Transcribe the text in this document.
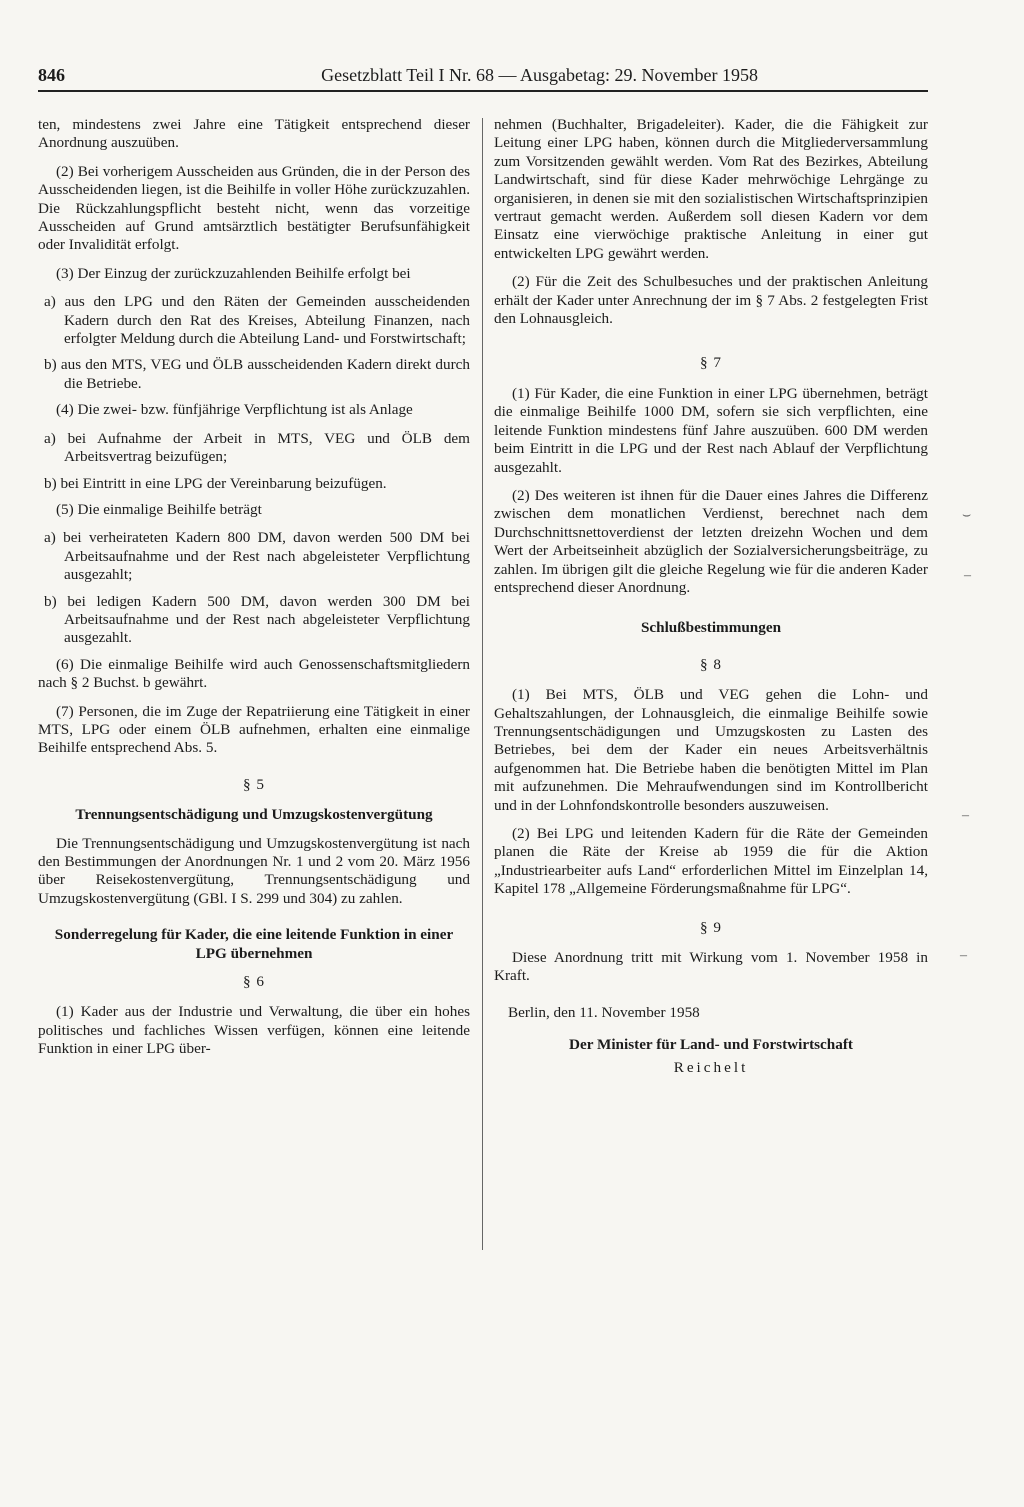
846	Gesetzblatt Teil I Nr. 68 — Ausgabetag: 29. November 1958

ten, mindestens zwei Jahre eine Tätigkeit entsprechend dieser Anordnung auszuüben.

(2) Bei vorherigem Ausscheiden aus Gründen, die in der Person des Ausscheidenden liegen, ist die Beihilfe in voller Höhe zurückzuzahlen. Die Rückzahlungspflicht besteht nicht, wenn das vorzeitige Ausscheiden auf Grund amtsärztlich bestätigter Berufsunfähigkeit oder Invalidität erfolgt.

(3) Der Einzug der zurückzuzahlenden Beihilfe erfolgt bei

a) aus den LPG und den Räten der Gemeinden ausscheidenden Kadern durch den Rat des Kreises, Abteilung Finanzen, nach erfolgter Meldung durch die Abteilung Land- und Forstwirtschaft;

b) aus den MTS, VEG und ÖLB ausscheidenden Kadern direkt durch die Betriebe.

(4) Die zwei- bzw. fünfjährige Verpflichtung ist als Anlage

a) bei Aufnahme der Arbeit in MTS, VEG und ÖLB dem Arbeitsvertrag beizufügen;

b) bei Eintritt in eine LPG der Vereinbarung beizufügen.

(5) Die einmalige Beihilfe beträgt

a) bei verheirateten Kadern 800 DM, davon werden 500 DM bei Arbeitsaufnahme und der Rest nach abgeleisteter Verpflichtung ausgezahlt;

b) bei ledigen Kadern 500 DM, davon werden 300 DM bei Arbeitsaufnahme und der Rest nach abgeleisteter Verpflichtung ausgezahlt.

(6) Die einmalige Beihilfe wird auch Genossenschaftsmitgliedern nach § 2 Buchst. b gewährt.

(7) Personen, die im Zuge der Repatriierung eine Tätigkeit in einer MTS, LPG oder einem ÖLB aufnehmen, erhalten eine einmalige Beihilfe entsprechend Abs. 5.

§ 5

Trennungsentschädigung und Umzugskostenvergütung

Die Trennungsentschädigung und Umzugskostenvergütung ist nach den Bestimmungen der Anordnungen Nr. 1 und 2 vom 20. März 1956 über Reisekostenvergütung, Trennungsentschädigung und Umzugskostenvergütung (GBl. I S. 299 und 304) zu zahlen.

Sonderregelung für Kader, die eine leitende Funktion in einer LPG übernehmen

§ 6

(1) Kader aus der Industrie und Verwaltung, die über ein hohes politisches und fachliches Wissen verfügen, können eine leitende Funktion in einer LPG über-

nehmen (Buchhalter, Brigadeleiter). Kader, die die Fähigkeit zur Leitung einer LPG haben, können durch die Mitgliederversammlung zum Vorsitzenden gewählt werden. Vom Rat des Bezirkes, Abteilung Landwirtschaft, sind für diese Kader mehrwöchige Lehrgänge zu organisieren, in denen sie mit den sozialistischen Wirtschaftsprinzipien vertraut gemacht werden. Außerdem soll diesen Kadern vor dem Einsatz eine vierwöchige praktische Anleitung in einer gut entwickelten LPG gewährt werden.

(2) Für die Zeit des Schulbesuches und der praktischen Anleitung erhält der Kader unter Anrechnung der im § 7 Abs. 2 festgelegten Frist den Lohnausgleich.

§ 7

(1) Für Kader, die eine Funktion in einer LPG übernehmen, beträgt die einmalige Beihilfe 1000 DM, sofern sie sich verpflichten, eine leitende Funktion mindestens fünf Jahre auszuüben. 600 DM werden beim Eintritt in die LPG und der Rest nach Ablauf der Verpflichtung ausgezahlt.

(2) Des weiteren ist ihnen für die Dauer eines Jahres die Differenz zwischen dem monatlichen Verdienst, berechnet nach dem Durchschnittsnettoverdienst der letzten dreizehn Wochen und dem Wert der Arbeitseinheit abzüglich der Sozialversicherungsbeiträge, zu zahlen. Im übrigen gilt die gleiche Regelung wie für die anderen Kader entsprechend dieser Anordnung.

Schlußbestimmungen

§ 8

(1) Bei MTS, ÖLB und VEG gehen die Lohn- und Gehaltszahlungen, der Lohnausgleich, die einmalige Beihilfe sowie Trennungsentschädigungen und Umzugskosten zu Lasten des Betriebes, bei dem der Kader ein neues Arbeitsverhältnis aufgenommen hat. Die Betriebe haben die benötigten Mittel im Plan mit aufzunehmen. Die Mehraufwendungen sind im Kontrollbericht und in der Lohnfondskontrolle besonders auszuweisen.

(2) Bei LPG und leitenden Kadern für die Räte der Gemeinden planen die Räte der Kreise ab 1959 die für die Aktion „Industriearbeiter aufs Land“ erforderlichen Mittel im Einzelplan 14, Kapitel 178 „Allgemeine Förderungsmaßnahme für LPG“.

§ 9

Diese Anordnung tritt mit Wirkung vom 1. November 1958 in Kraft.

Berlin, den 11. November 1958

Der Minister für Land- und Forstwirtschaft

Reichelt

⌣
–
–
–
